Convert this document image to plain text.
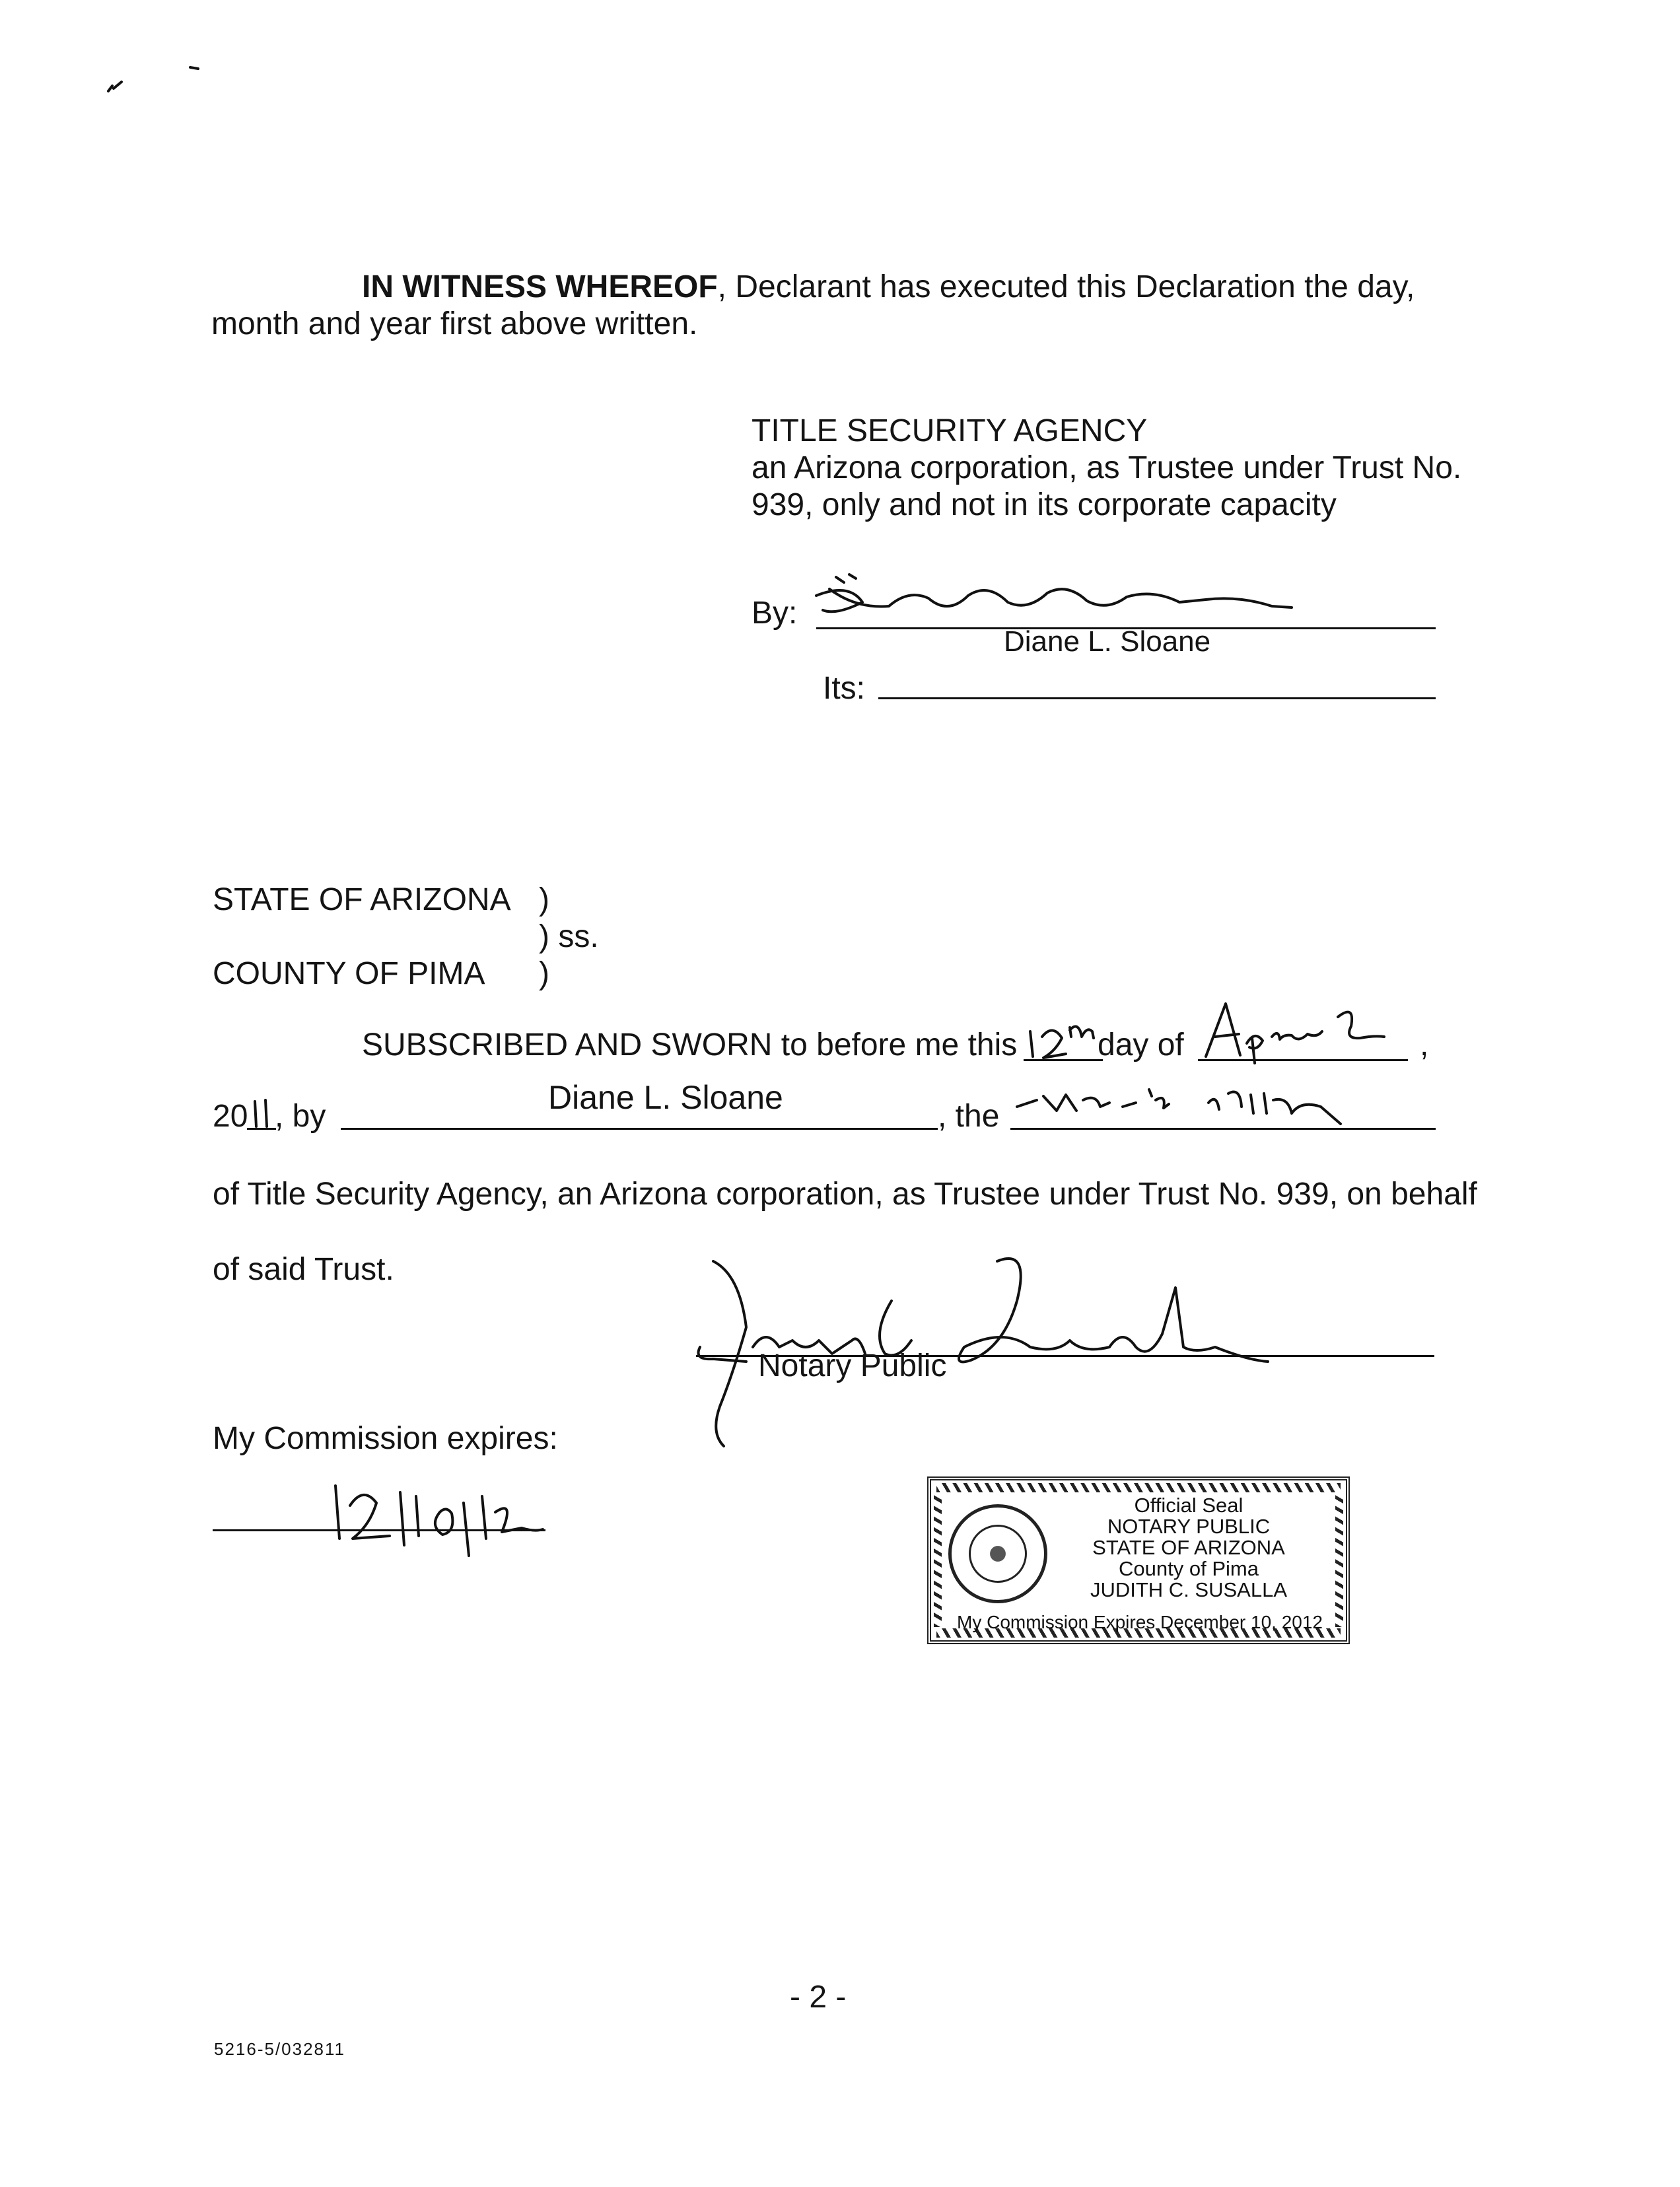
IN WITNESS WHEREOF, Declarant has executed this Declaration the day,
month and year first above written.
TITLE SECURITY AGENCY
an Arizona corporation, as Trustee under Trust No.
939, only and not in its corporate capacity
By:
Diane L. Sloane
Its:
STATE OF ARIZONA )
) ss.
COUNTY OF PIMA )
SUBSCRIBED AND SWORN to before me this	day of	,
20 , by
Diane L. Sloane
, the
of Title Security Agency, an Arizona corporation, as Trustee under Trust No. 939, on behalf
of said Trust.
Notary Public
My Commission expires:
Official Seal
NOTARY PUBLIC
STATE OF ARIZONA
County of Pima
JUDITH C. SUSALLA
My Commission Expires December 10, 2012
- 2 -
5216-5/032811
